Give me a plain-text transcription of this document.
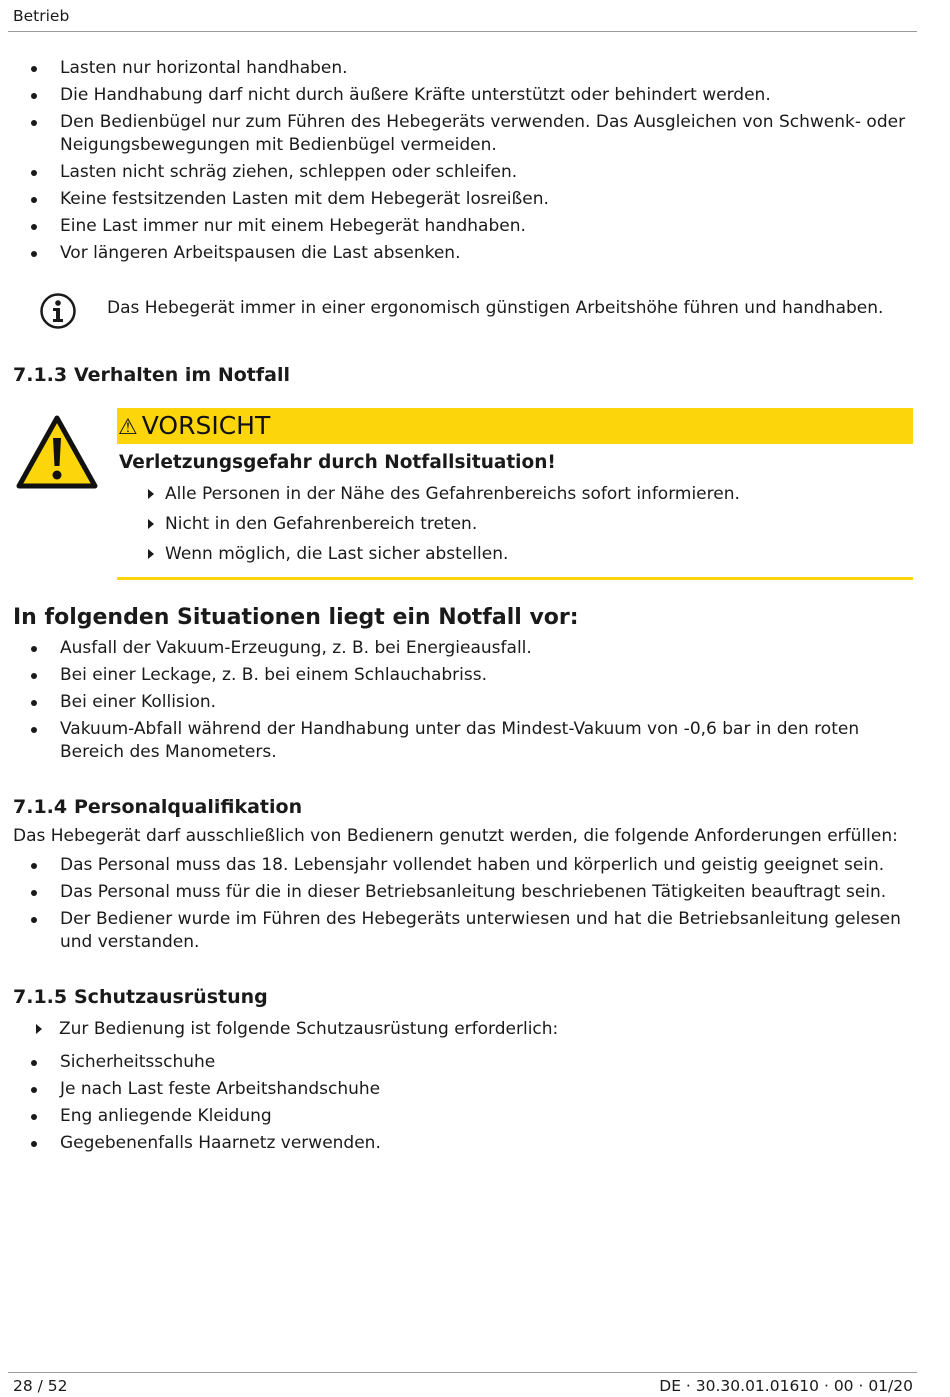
Betrieb
Lasten nur horizontal handhaben.
Die Handhabung darf nicht durch äußere Kräfte unterstützt oder behindert werden.
Den Bedienbügel nur zum Führen des Hebegeräts verwenden. Das Ausgleichen von Schwenk- oder Neigungsbewegungen mit Bedienbügel vermeiden.
Lasten nicht schräg ziehen, schleppen oder schleifen.
Keine festsitzenden Lasten mit dem Hebegerät losreißen.
Eine Last immer nur mit einem Hebegerät handhaben.
Vor längeren Arbeitspausen die Last absenken.
Das Hebegerät immer in einer ergonomisch günstigen Arbeitshöhe führen und handhaben.
7.1.3 Verhalten im Notfall
⚠ VORSICHT
Verletzungsgefahr durch Notfallsituation!
Alle Personen in der Nähe des Gefahrenbereichs sofort informieren.
Nicht in den Gefahrenbereich treten.
Wenn möglich, die Last sicher abstellen.
In folgenden Situationen liegt ein Notfall vor:
Ausfall der Vakuum-Erzeugung, z. B. bei Energieausfall.
Bei einer Leckage, z. B. bei einem Schlauchabriss.
Bei einer Kollision.
Vakuum-Abfall während der Handhabung unter das Mindest-Vakuum von -0,6 bar in den roten Bereich des Manometers.
7.1.4 Personalqualifikation
Das Hebegerät darf ausschließlich von Bedienern genutzt werden, die folgende Anforderungen erfüllen:
Das Personal muss das 18. Lebensjahr vollendet haben und körperlich und geistig geeignet sein.
Das Personal muss für die in dieser Betriebsanleitung beschriebenen Tätigkeiten beauftragt sein.
Der Bediener wurde im Führen des Hebegeräts unterwiesen und hat die Betriebsanleitung gelesen und verstanden.
7.1.5 Schutzausrüstung
Zur Bedienung ist folgende Schutzausrüstung erforderlich:
Sicherheitsschuhe
Je nach Last feste Arbeitshandschuhe
Eng anliegende Kleidung
Gegebenenfalls Haarnetz verwenden.
28 / 52	DE · 30.30.01.01610 · 00 · 01/20
